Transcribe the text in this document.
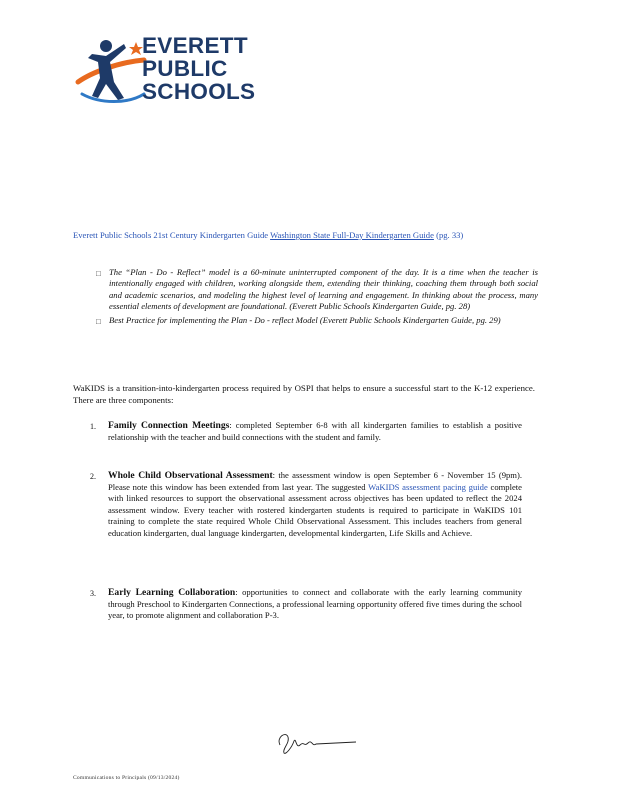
EVERETT
PUBLIC
SCHOOLS
Everett Public Schools 21st Century Kindergarten Guide Washington State Full-Day Kindergarten Guide (pg. 33)
□ The “Plan - Do - Reflect” model is a 60-minute uninterrupted component of the day. It is a time when the teacher is intentionally engaged with children, working alongside them, extending their thinking, coaching them through both social and academic scenarios, and modeling the highest level of learning and engagement. In thinking about the process, many essential elements of development are foundational. (Everett Public Schools Kindergarten Guide, pg. 28)
□ Best Practice for implementing the Plan - Do - reflect Model (Everett Public Schools Kindergarten Guide, pg. 29)
WaKIDS is a transition-into-kindergarten process required by OSPI that helps to ensure a successful start to the K-12 experience. There are three components:
1.	Family Connection Meetings: completed September 6-8 with all kindergarten families to establish a positive relationship with the teacher and build connections with the student and family.
2.	Whole Child Observational Assessment: the assessment window is open September 6 - November 15 (9pm). Please note this window has been extended from last year. The suggested WaKIDS assessment pacing guide complete with linked resources to support the observational assessment across objectives has been updated to reflect the 2024 assessment window. Every teacher with rostered kindergarten students is required to participate in WaKIDS 101 training to complete the state required Whole Child Observational Assessment. This includes teachers from general education kindergarten, dual language kindergarten, developmental kindergarten, Life Skills and Achieve.
3.	Early Learning Collaboration: opportunities to connect and collaborate with the early learning community through Preschool to Kindergarten Connections, a professional learning opportunity offered five times during the school year, to promote alignment and collaboration P-3.
Communications to Principals (09/13/2024)
